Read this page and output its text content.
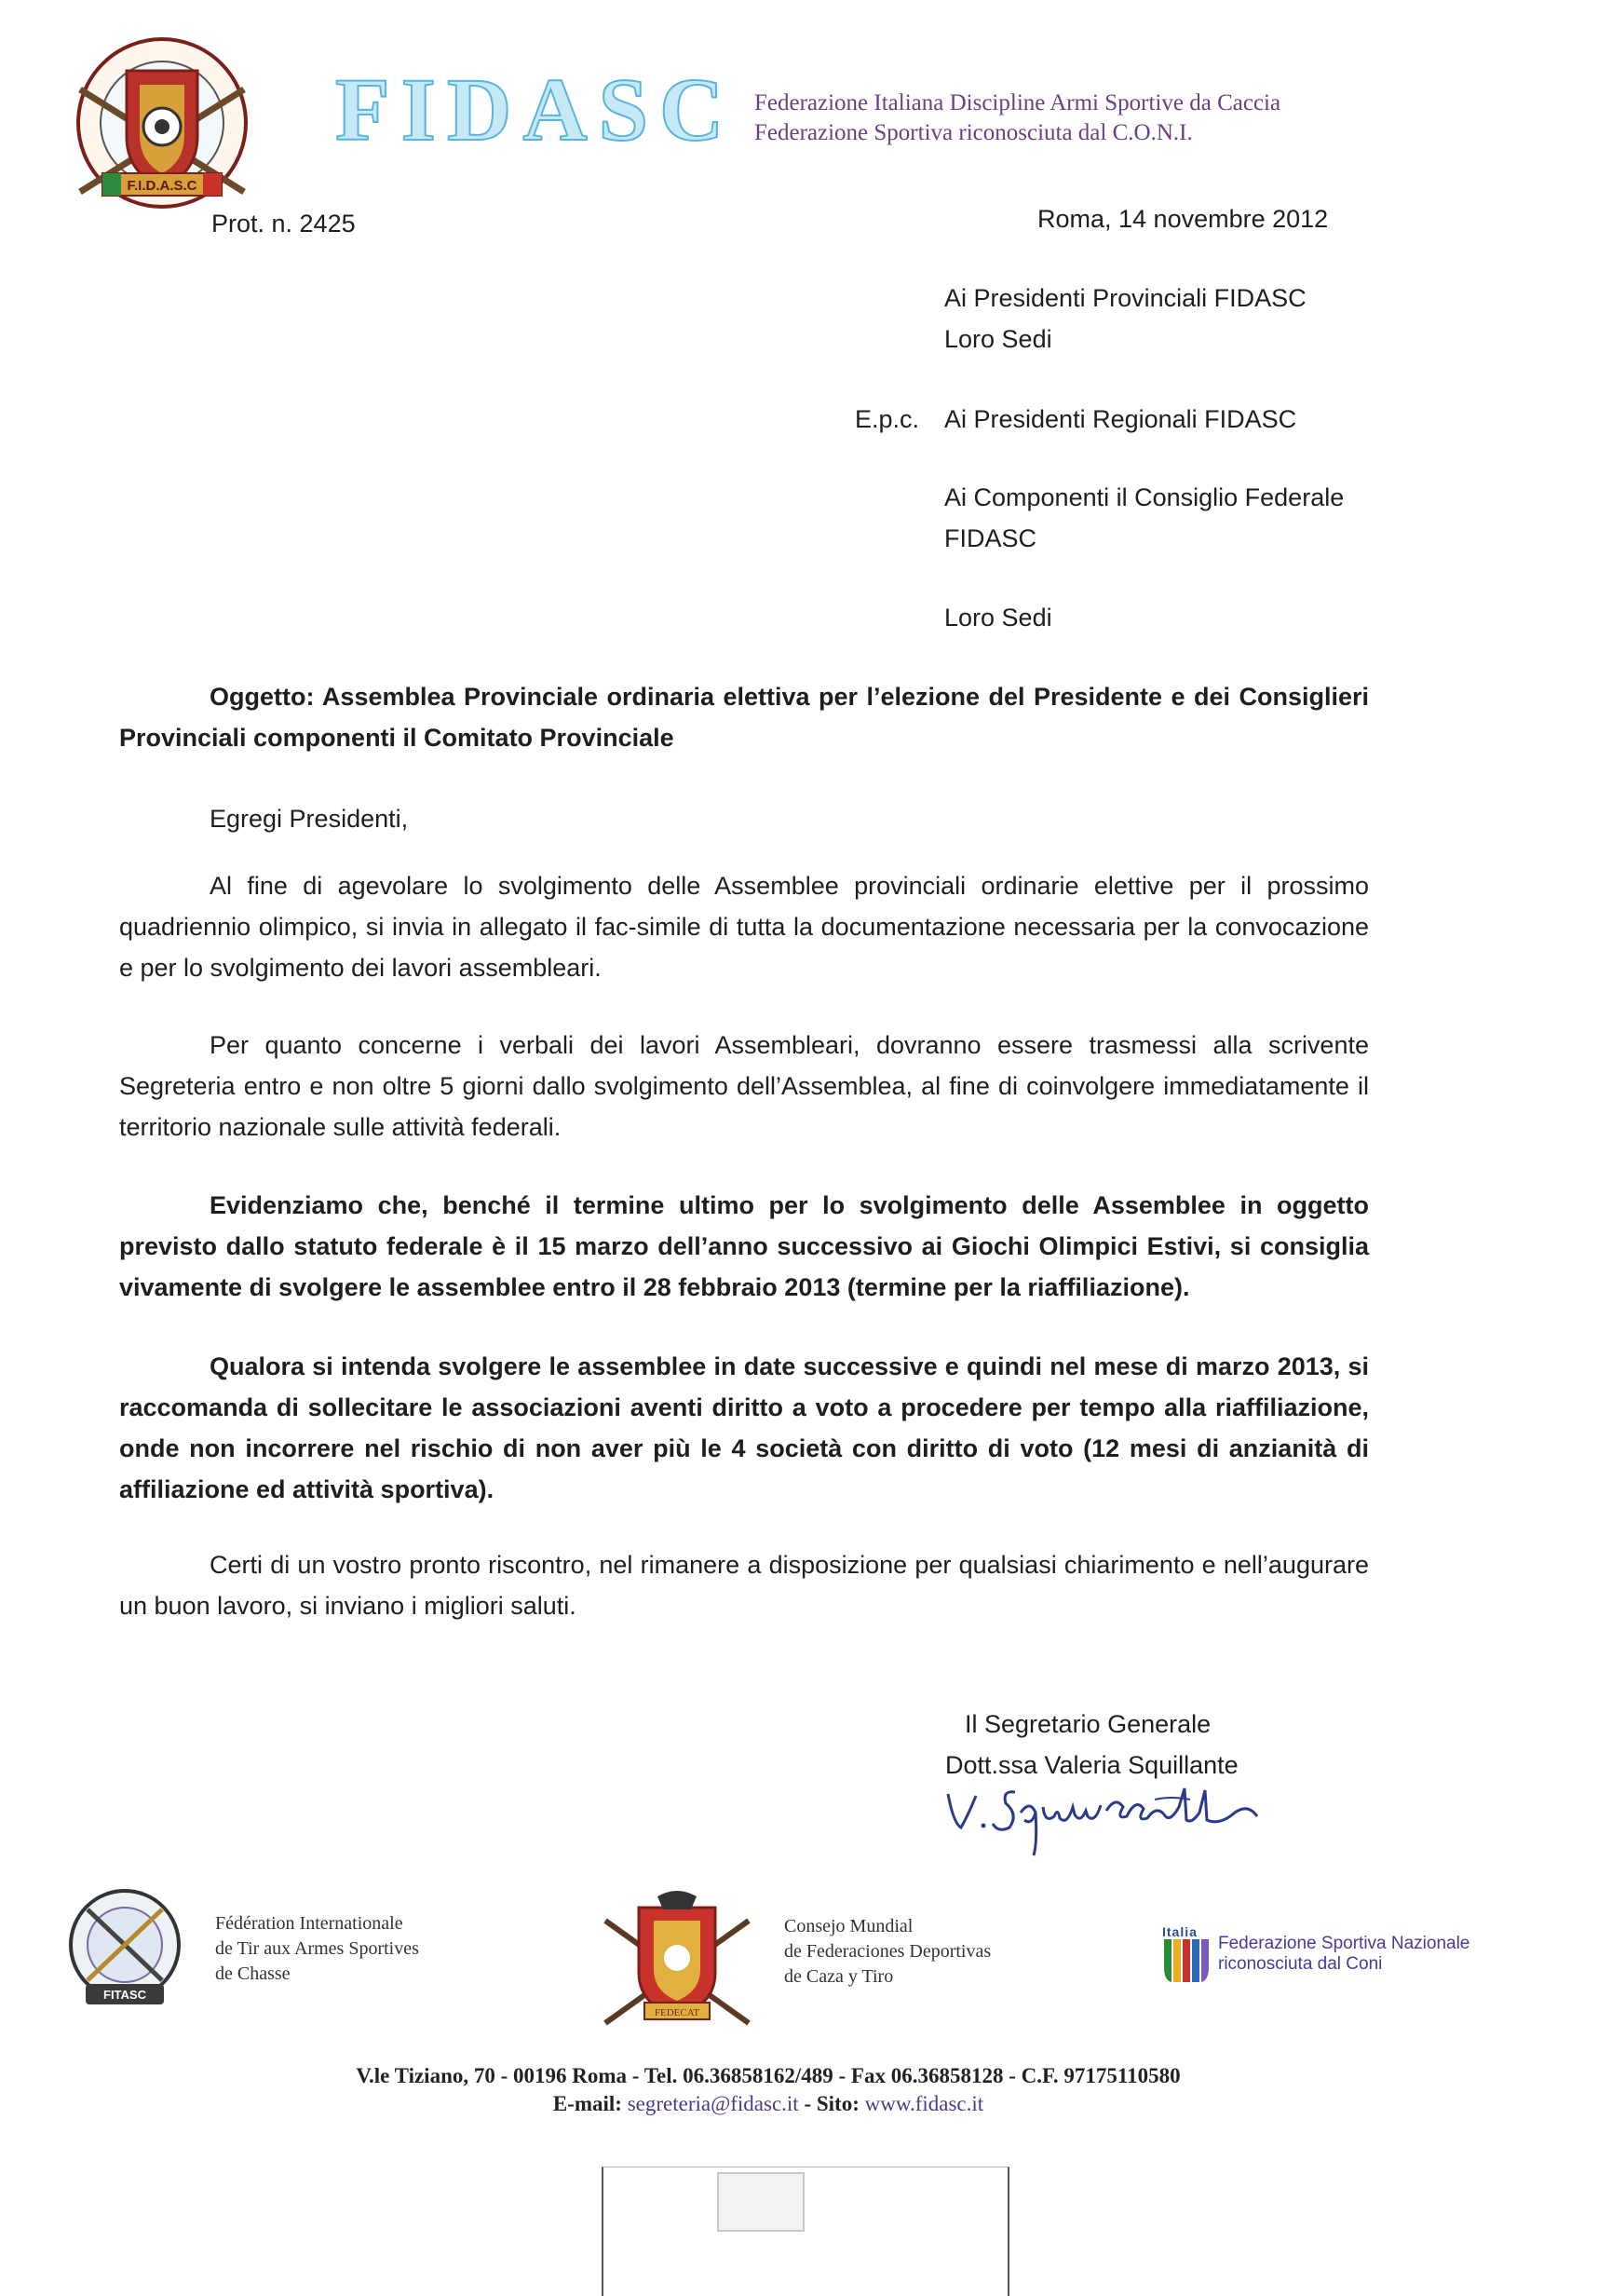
F.I.D.A.S.C
FIDASC Federazione Italiana Discipline Armi Sportive da Caccia
Federazione Sportiva riconosciuta dal C.O.N.I.
Prot. n. 2425	Roma, 14 novembre 2012
Ai Presidenti Provinciali FIDASC
Loro Sedi
E.p.c. Ai Presidenti Regionali FIDASC
Ai Componenti il Consiglio Federale
FIDASC
Loro Sedi
Oggetto: Assemblea Provinciale ordinaria elettiva per l’elezione del Presidente e dei Consiglieri Provinciali componenti il Comitato Provinciale
Egregi Presidenti,
Al fine di agevolare lo svolgimento delle Assemblee provinciali ordinarie elettive per il prossimo quadriennio olimpico, si invia in allegato il fac-simile di tutta la documentazione necessaria per la convocazione e per lo svolgimento dei lavori assembleari.
Per quanto concerne i verbali dei lavori Assembleari, dovranno essere trasmessi alla scrivente Segreteria entro e non oltre 5 giorni dallo svolgimento dell’Assemblea, al fine di coinvolgere immediatamente il territorio nazionale sulle attività federali.
Evidenziamo che, benché il termine ultimo per lo svolgimento delle Assemblee in oggetto previsto dallo statuto federale è il 15 marzo dell’anno successivo ai Giochi Olimpici Estivi, si consiglia vivamente di svolgere le assemblee entro il 28 febbraio 2013 (termine per la riaffiliazione).
Qualora si intenda svolgere le assemblee in date successive e quindi nel mese di marzo 2013, si raccomanda di sollecitare le associazioni aventi diritto a voto a procedere per tempo alla riaffiliazione, onde non incorrere nel rischio di non aver più le 4 società con diritto di voto (12 mesi di anzianità di affiliazione ed attività sportiva).
Certi di un vostro pronto riscontro, nel rimanere a disposizione per qualsiasi chiarimento e nell’augurare un buon lavoro, si inviano i migliori saluti.
Il Segretario Generale
Dott.ssa Valeria Squillante
FITASC
Fédération Internationale
de Tir aux Armes Sportives
de Chasse
FEDECAT
Consejo Mundial
de Federaciones Deportivas
de Caza y Tiro
Italia
Federazione Sportiva Nazionale
riconosciuta dal Coni
V.le Tiziano, 70 - 00196 Roma - Tel. 06.36858162/489 - Fax 06.36858128 - C.F. 97175110580
E-mail: segreteria@fidasc.it - Sito: www.fidasc.it
